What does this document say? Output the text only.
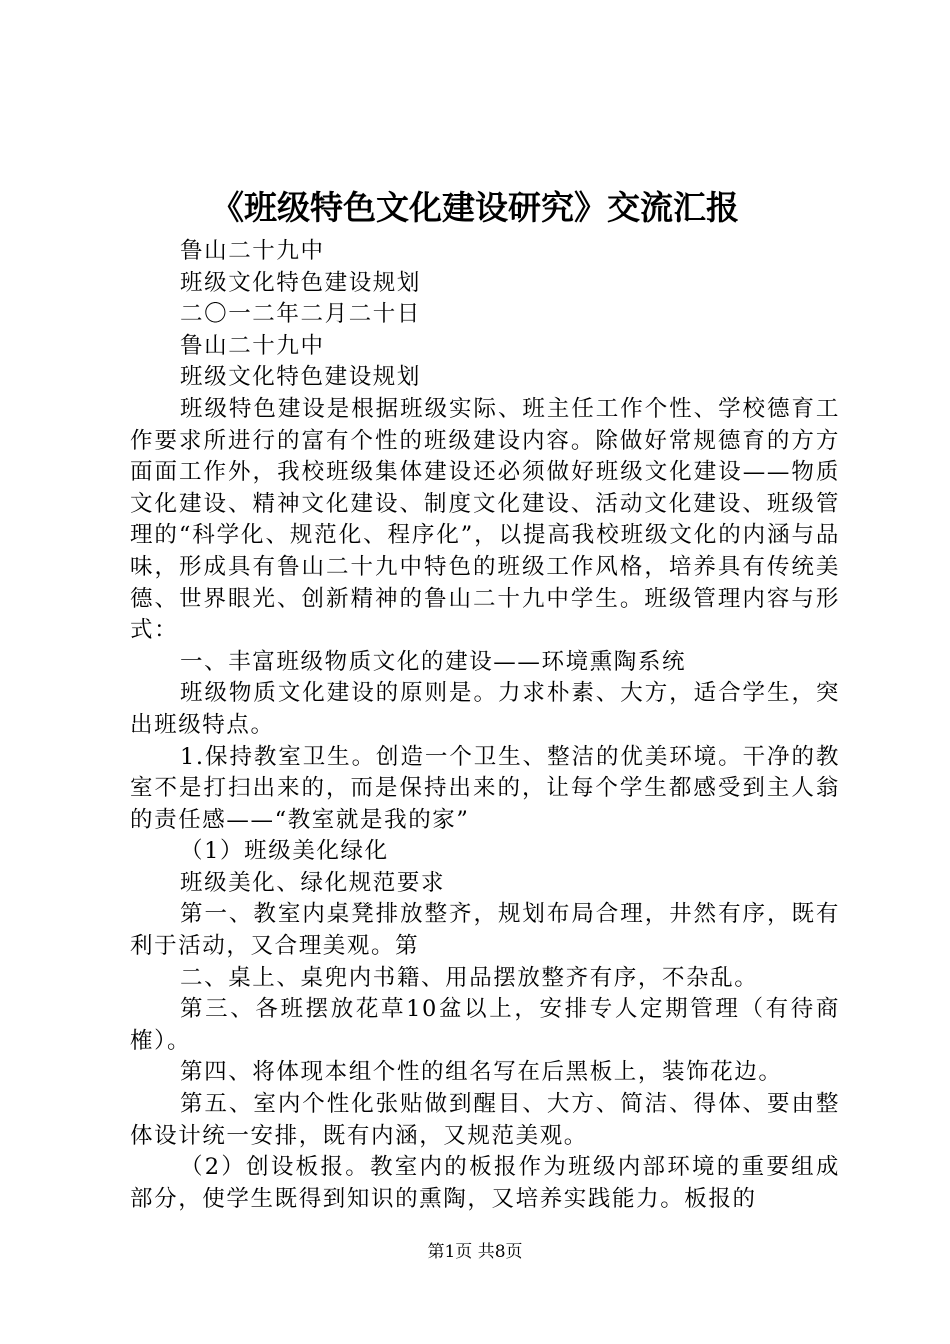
《班级特色文化建设研究》交流汇报

鲁山二十九中

班级文化特色建设规划

二〇一二年二月二十日

鲁山二十九中

班级文化特色建设规划

班级特色建设是根据班级实际、班主任工作个性、学校德育工作要求所进行的富有个性的班级建设内容。除做好常规德育的方方面面工作外，我校班级集体建设还必须做好班级文化建设——物质文化建设、精神文化建设、制度文化建设、活动文化建设、班级管理的“科学化、规范化、程序化”，以提高我校班级文化的内涵与品味，形成具有鲁山二十九中特色的班级工作风格，培养具有传统美德、世界眼光、创新精神的鲁山二十九中学生。班级管理内容与形式：

一、丰富班级物质文化的建设——环境熏陶系统

班级物质文化建设的原则是。力求朴素、大方，适合学生，突出班级特点。

1.保持教室卫生。创造一个卫生、整洁的优美环境。干净的教室不是打扫出来的，而是保持出来的，让每个学生都感受到主人翁的责任感——“教室就是我的家”

（1）班级美化绿化

班级美化、绿化规范要求

第一、教室内桌凳排放整齐，规划布局合理，井然有序，既有利于活动，又合理美观。第

二、桌上、桌兜内书籍、用品摆放整齐有序，不杂乱。

第三、各班摆放花草10盆以上，安排专人定期管理（有待商榷）。

第四、将体现本组个性的组名写在后黑板上，装饰花边。

第五、室内个性化张贴做到醒目、大方、简洁、得体、要由整体设计统一安排，既有内涵，又规范美观。

（2）创设板报。教室内的板报作为班级内部环境的重要组成部分，使学生既得到知识的熏陶，又培养实践能力。板报的

第1页 共8页
